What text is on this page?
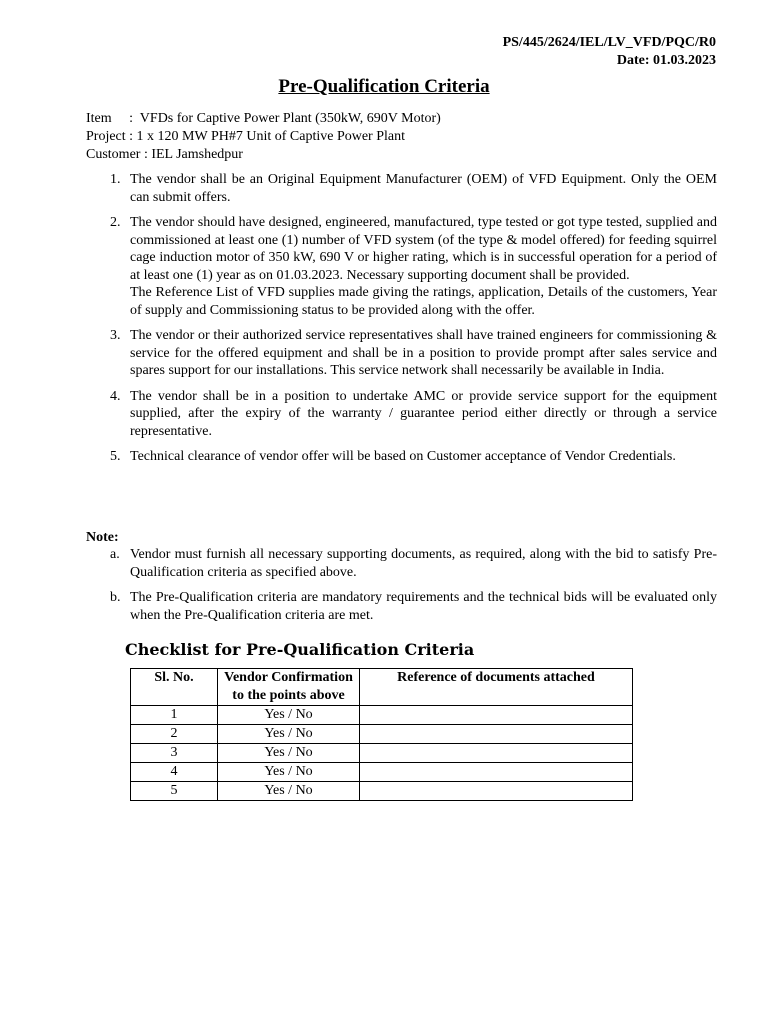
PS/445/2624/IEL/LV_VFD/PQC/R0
Date: 01.03.2023
Pre-Qualification Criteria
Item     :  VFDs for Captive Power Plant (350kW, 690V Motor)
Project : 1 x 120 MW PH#7 Unit of Captive Power Plant
Customer : IEL Jamshedpur
1. The vendor shall be an Original Equipment Manufacturer (OEM) of VFD Equipment. Only the OEM can submit offers.
2. The vendor should have designed, engineered, manufactured, type tested or got type tested, supplied and commissioned at least one (1) number of VFD system (of the type & model offered) for feeding squirrel cage induction motor of 350 kW, 690 V or higher rating, which is in successful operation for a period of at least one (1) year as on 01.03.2023. Necessary supporting document shall be provided.
The Reference List of VFD supplies made giving the ratings, application, Details of the customers, Year of supply and Commissioning status to be provided along with the offer.
3. The vendor or their authorized service representatives shall have trained engineers for commissioning & service for the offered equipment and shall be in a position to provide prompt after sales service and spares support for our installations. This service network shall necessarily be available in India.
4. The vendor shall be in a position to undertake AMC or provide service support for the equipment supplied, after the expiry of the warranty / guarantee period either directly or through a service representative.
5. Technical clearance of vendor offer will be based on Customer acceptance of Vendor Credentials.
Note:
a. Vendor must furnish all necessary supporting documents, as required, along with the bid to satisfy Pre-Qualification criteria as specified above.
b. The Pre-Qualification criteria are mandatory requirements and the technical bids will be evaluated only when the Pre-Qualification criteria are met.
Checklist for Pre-Qualification Criteria
Sl. No.	Vendor Confirmation to the points above	Reference of documents attached
1	Yes / No	
2	Yes / No	
3	Yes / No	
4	Yes / No	
5	Yes / No	
